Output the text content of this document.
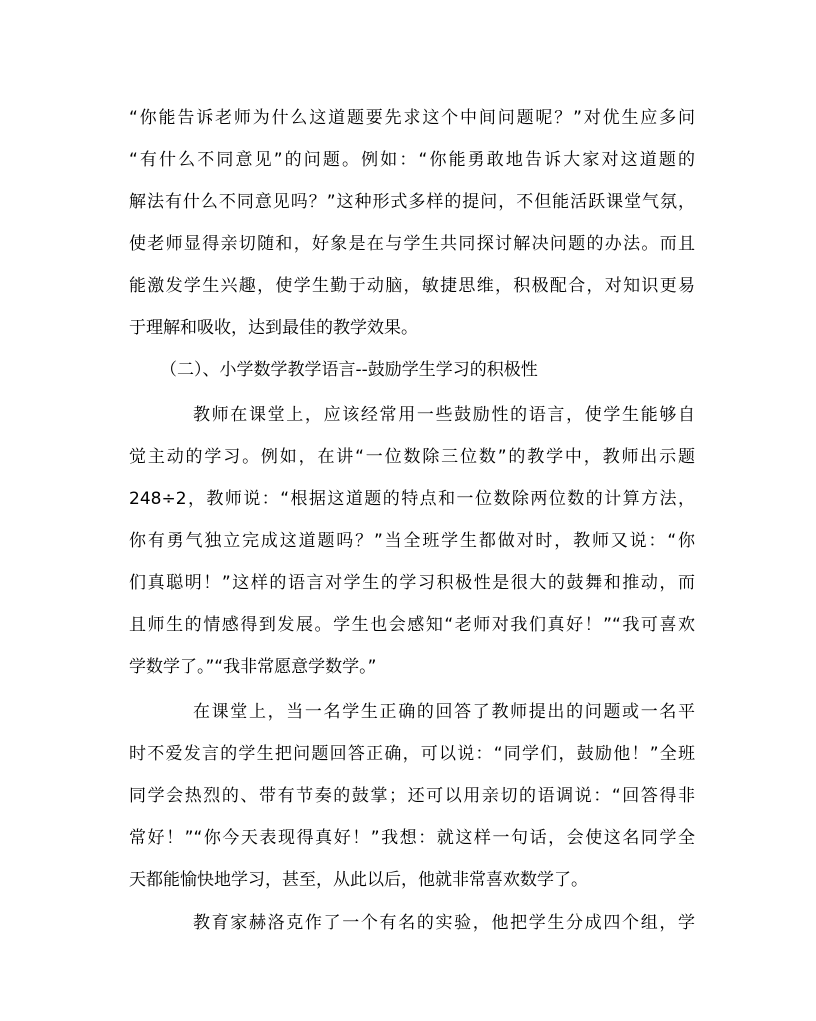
“你能告诉老师为什么这道题要先求这个中间问题呢？”对优生应多问
“有什么不同意见”的问题。例如：“你能勇敢地告诉大家对这道题的
解法有什么不同意见吗？”这种形式多样的提问，不但能活跃课堂气氛，
使老师显得亲切随和，好象是在与学生共同探讨解决问题的办法。而且
能激发学生兴趣，使学生勤于动脑，敏捷思维，积极配合，对知识更易
于理解和吸收，达到最佳的教学效果。
（二）、小学数学教学语言--鼓励学生学习的积极性
教师在课堂上，应该经常用一些鼓励性的语言，使学生能够自
觉主动的学习。例如，在讲“一位数除三位数”的教学中，教师出示题
248÷2，教师说：“根据这道题的特点和一位数除两位数的计算方法，
你有勇气独立完成这道题吗？”当全班学生都做对时，教师又说：“你
们真聪明！”这样的语言对学生的学习积极性是很大的鼓舞和推动，而
且师生的情感得到发展。学生也会感知“老师对我们真好！”“我可喜欢
学数学了。”“我非常愿意学数学。”
在课堂上，当一名学生正确的回答了教师提出的问题或一名平
时不爱发言的学生把问题回答正确，可以说：“同学们，鼓励他！”全班
同学会热烈的、带有节奏的鼓掌；还可以用亲切的语调说：“回答得非
常好！”“你今天表现得真好！”我想：就这样一句话，会使这名同学全
天都能愉快地学习，甚至，从此以后，他就非常喜欢数学了。
教育家赫洛克作了一个有名的实验，他把学生分成四个组，学
